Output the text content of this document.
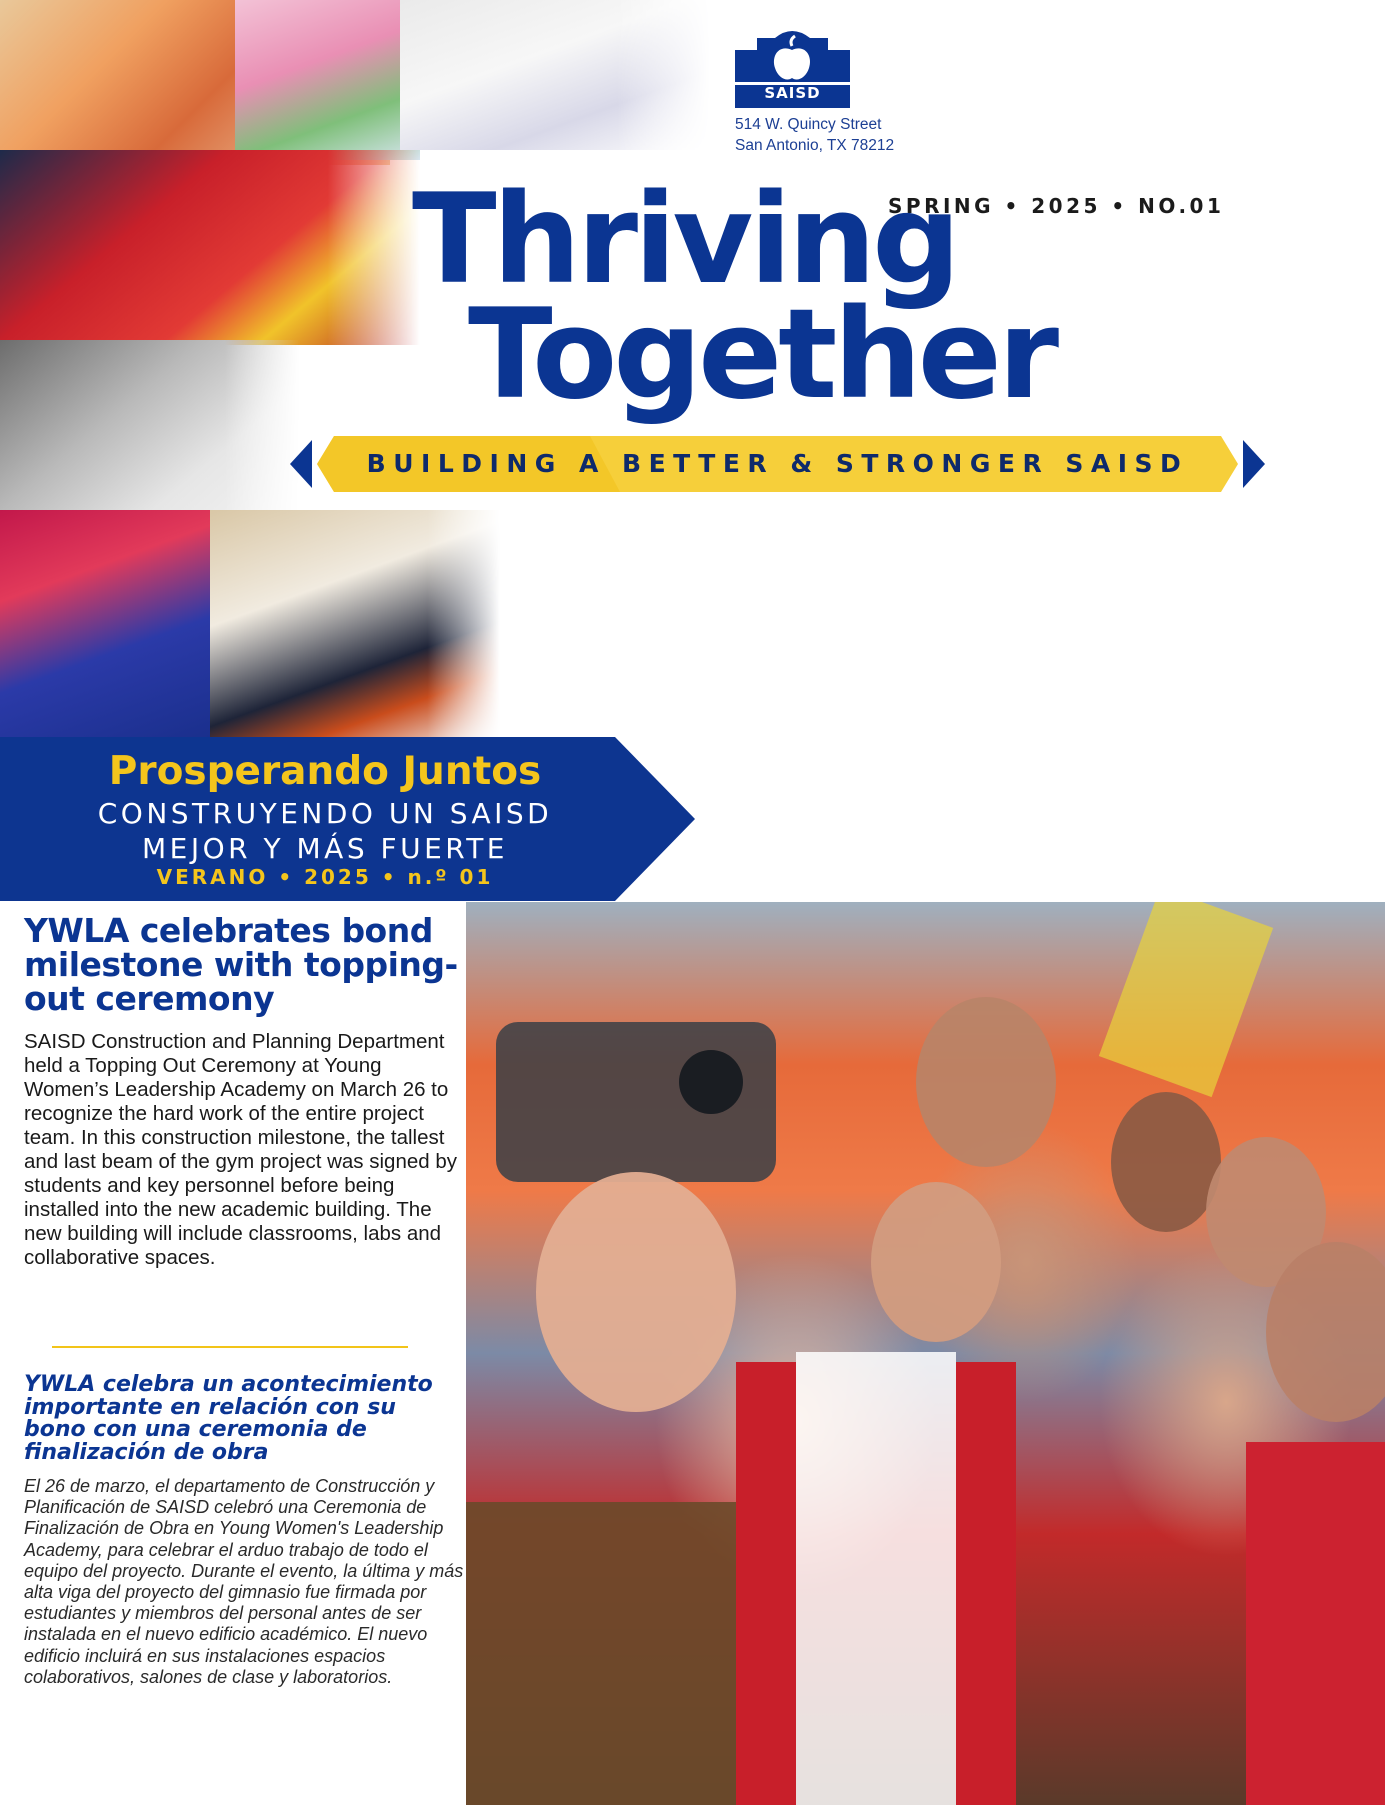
SAISD
514 W. Quincy Street
San Antonio, TX 78212
SPRING • 2025 • NO.01
Thriving
Together
BUILDING A BETTER & STRONGER SAISD
Prosperando Juntos
CONSTRUYENDO UN SAISD
MEJOR Y MÁS FUERTE
VERANO • 2025 • n.º 01
YWLA celebrates bond milestone with topping-out ceremony
SAISD Construction and Planning Department held a Topping Out Ceremony at Young Women’s Leadership Academy on March 26 to recognize the hard work of the entire project team. In this construction milestone, the tallest and last beam of the gym project was signed by students and key personnel before being installed into the new academic building. The new building will include classrooms, labs and collaborative spaces.
YWLA celebra un acontecimiento importante en relación con su bono con una ceremonia de finalización de obra
El 26 de marzo, el departamento de Construcción y Planificación de SAISD celebró una Ceremonia de Finalización de Obra en Young Women's Leadership Academy, para celebrar el arduo trabajo de todo el equipo del proyecto. Durante el evento, la última y más alta viga del proyecto del gimnasio fue firmada por estudiantes y miembros del personal antes de ser instalada en el nuevo edificio académico. El nuevo edificio incluirá en sus instalaciones espacios colaborativos, salones de clase y laboratorios.
